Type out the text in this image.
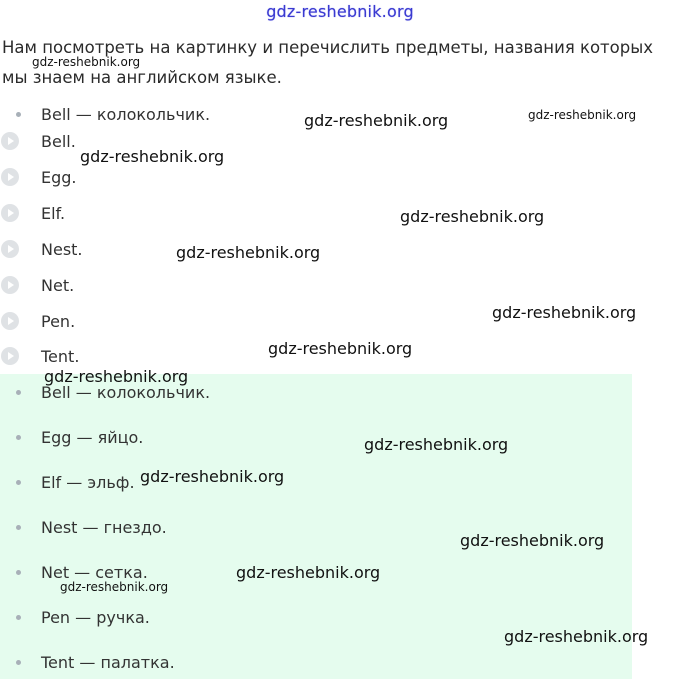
gdz-reshebnik.org
Нам посмотреть на картинку и перечислить предметы, названия которых мы знаем на английском языке.
Bell — колокольчик.
Bell.
Egg.
Elf.
Nest.
Net.
Pen.
Tent.
Bell — колокольчик.
Egg — яйцо.
Elf — эльф.
Nest — гнездо.
Net — сетка.
Pen — ручка.
Tent — палатка.
gdz-reshebnik.org
gdz-reshebnik.org	gdz-reshebnik.org
gdz-reshebnik.org
gdz-reshebnik.org
gdz-reshebnik.org
gdz-reshebnik.org
gdz-reshebnik.org
gdz-reshebnik.org
gdz-reshebnik.org
gdz-reshebnik.org
gdz-reshebnik.org
gdz-reshebnik.org
gdz-reshebnik.org
gdz-reshebnik.org
